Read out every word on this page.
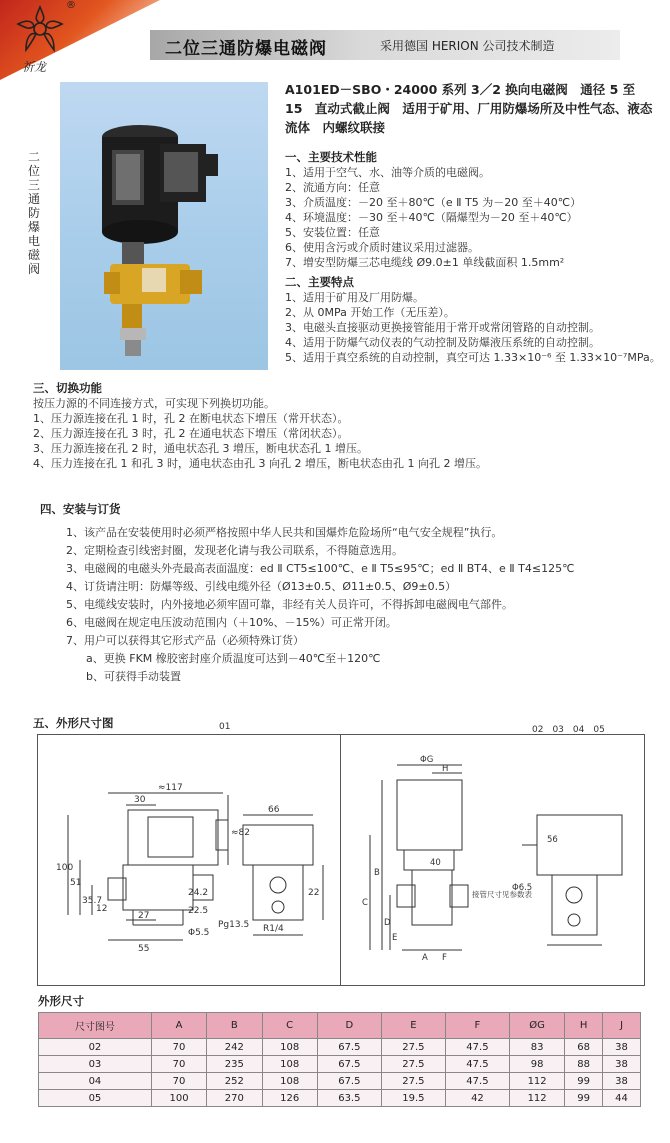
®
祈龙
二位三通防爆电磁阀	采用德国 HERION 公司技术制造
二位三通防爆电磁阀
A101ED－SBO・24000 系列 3／2 换向电磁阀　通径 5 至 15　直动式截止阀　适用于矿用、厂用防爆场所及中性气态、液态流体　内螺纹联接
一、主要技术性能
1、适用于空气、水、油等介质的电磁阀。
2、流通方向：任意
3、介质温度：－20 至＋80℃（e Ⅱ T5 为－20 至＋40℃）
4、环境温度：－30 至＋40℃（隔爆型为－20 至＋40℃）
5、安装位置：任意
6、使用含污或介质时建议采用过滤器。
7、增安型防爆三芯电缆线 Ø9.0±1 单线截面积 1.5mm²
二、主要特点
1、适用于矿用及厂用防爆。
2、从 0MPa 开始工作（无压差）。
3、电磁头直接驱动更换接管能用于常开或常闭管路的自动控制。
4、适用于防爆气动仪表的气动控制及防爆液压系统的自动控制。
5、适用于真空系统的自动控制，真空可达 1.33×10⁻⁶ 至 1.33×10⁻⁷MPa。
三、切换功能
按压力源的不同连接方式，可实现下列换切功能。
1、压力源连接在孔 1 时，孔 2 在断电状态下增压（常开状态）。
2、压力源连接在孔 3 时，孔 2 在通电状态下增压（常闭状态）。
3、压力源连接在孔 2 时，通电状态孔 3 增压，断电状态孔 1 增压。
4、压力连接在孔 1 和孔 3 时，通电状态由孔 3 向孔 2 增压，断电状态由孔 1 向孔 2 增压。
四、安装与订货
1、该产品在安装使用时必须严格按照中华人民共和国爆炸危险场所“电气安全规程”执行。
2、定期检查引线密封圈，发现老化请与我公司联系，不得随意选用。
3、电磁阀的电磁头外壳最高表面温度：ed Ⅱ CT5≤100℃、e Ⅱ T5≤95℃；ed Ⅱ BT4、e Ⅱ T4≤125℃
4、订货请注明：防爆等级、引线电缆外径（Ø13±0.5、Ø11±0.5、Ø9±0.5）
5、电缆线安装时，内外接地必须牢固可靠，非经有关人员许可，不得拆卸电磁阀电气部件。
6、电磁阀在规定电压波动范围内（＋10%、－15%）可正常开闭。
7、用户可以获得其它形式产品（必须特殊订货）
a、更换 FKM 橡胶密封座介质温度可达到－40℃至＋120℃
b、可获得手动装置
五、外形尺寸图	01	02　03　04　05
≈117
30
66
≈82
100
51
35.7
12
27
24.2
22.5
55
Φ5.5
Pg13.5 R1/4
22
ΦG
H
B
C
D
E
A F
56
40
Φ6.5
接管尺寸见参数表
外形尺寸
尺寸图号	A	B	C	D	E	F	ØG	H	J
02	70	242	108	67.5	27.5	47.5	83	68	38
03	70	235	108	67.5	27.5	47.5	98	88	38
04	70	252	108	67.5	27.5	47.5	112	99	38
05	100	270	126	63.5	19.5	42	112	99	44
